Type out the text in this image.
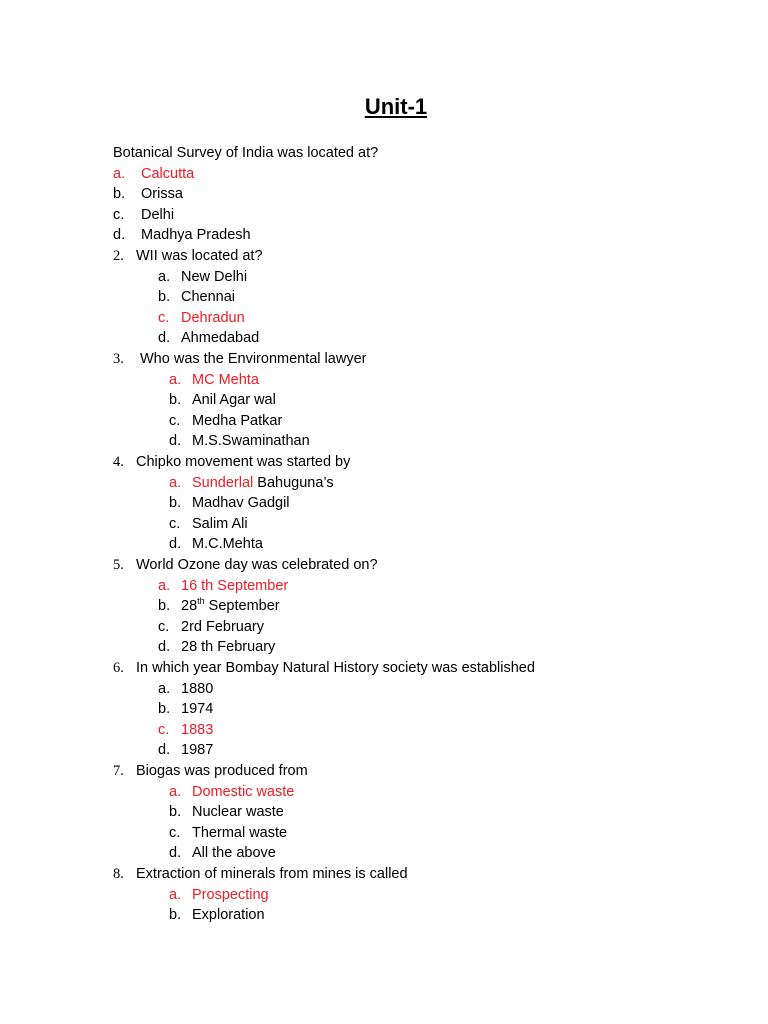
Unit-1
Botanical Survey of India was located at?
a. Calcutta
b. Orissa
c. Delhi
d. Madhya Pradesh
2. WII was located at?
a. New Delhi
b. Chennai
c. Dehradun
d. Ahmedabad
3. Who was the Environmental lawyer
a. MC Mehta
b. Anil Agar wal
c. Medha Patkar
d. M.S.Swaminathan
4. Chipko movement was started by
a. Sunderlal Bahuguna’s
b. Madhav Gadgil
c. Salim Ali
d. M.C.Mehta
5. World Ozone day was celebrated on?
a. 16 th September
b. 28th September
c. 2rd February
d. 28 th February
6. In which year Bombay Natural History society was established
a. 1880
b. 1974
c. 1883
d. 1987
7. Biogas was produced from
a. Domestic waste
b. Nuclear waste
c. Thermal waste
d. All the above
8. Extraction of minerals from mines is called
a. Prospecting
b. Exploration
